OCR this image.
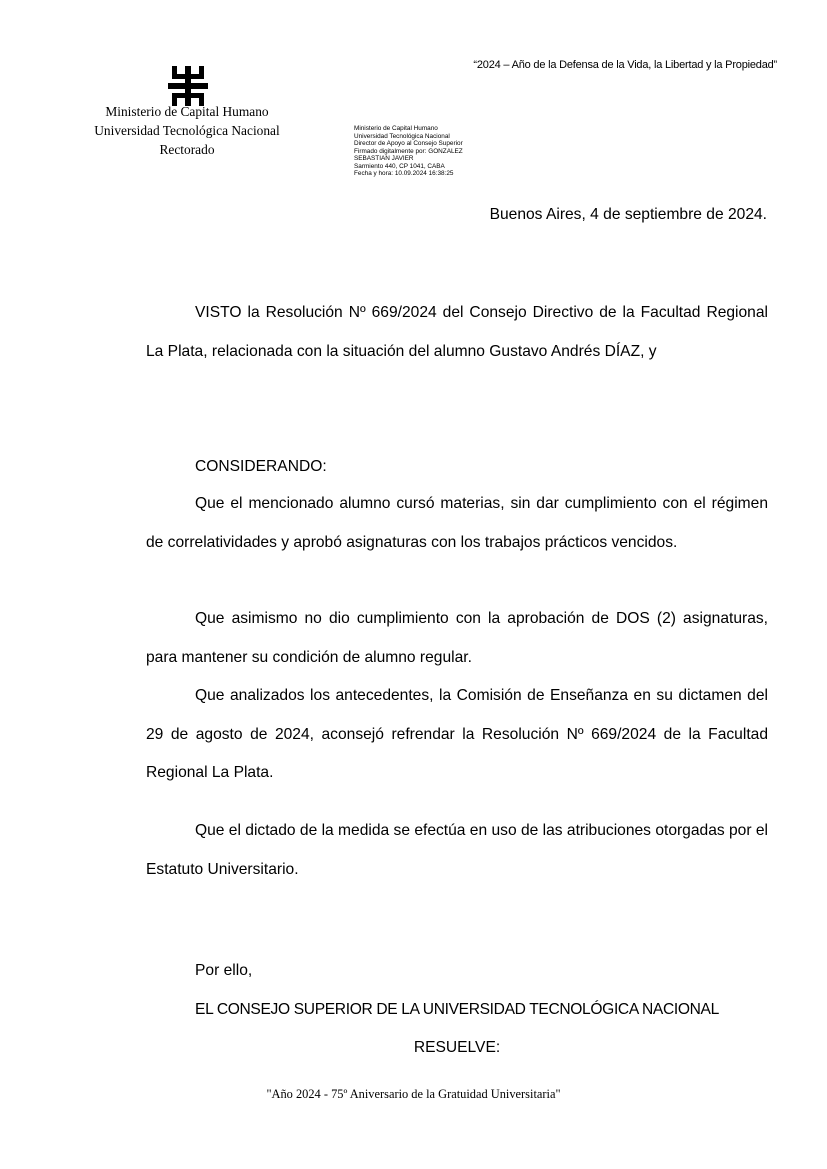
“2024 – Año de la Defensa de la Vida, la Libertad y la Propiedad”
Ministerio de Capital Humano
Universidad Tecnológica Nacional
Rectorado
Ministerio de Capital Humano
Universidad Tecnológica Nacional
Director de Apoyo al Consejo Superior
Firmado digitalmente por: GONZALEZ
SEBASTIAN JAVIER
Sarmiento 440, CP 1041, CABA
Fecha y hora: 10.09.2024 16:38:25
Buenos Aires, 4 de septiembre de 2024.

VISTO la Resolución Nº 669/2024 del Consejo Directivo de la Facultad Regional La Plata, relacionada con la situación del alumno Gustavo Andrés DÍAZ, y

CONSIDERANDO:

Que el mencionado alumno cursó materias, sin dar cumplimiento con el régimen de correlatividades y aprobó asignaturas con los trabajos prácticos vencidos.

Que asimismo no dio cumplimiento con la aprobación de DOS (2) asignaturas, para mantener su condición de alumno regular.

Que analizados los antecedentes, la Comisión de Enseñanza en su dictamen del 29 de agosto de 2024, aconsejó refrendar la Resolución Nº 669/2024 de la Facultad Regional La Plata.

Que el dictado de la medida se efectúa en uso de las atribuciones otorgadas por el Estatuto Universitario.

Por ello,
EL CONSEJO SUPERIOR DE LA UNIVERSIDAD TECNOLÓGICA NACIONAL
RESUELVE:
"Año 2024 - 75º Aniversario de la Gratuidad Universitaria"
